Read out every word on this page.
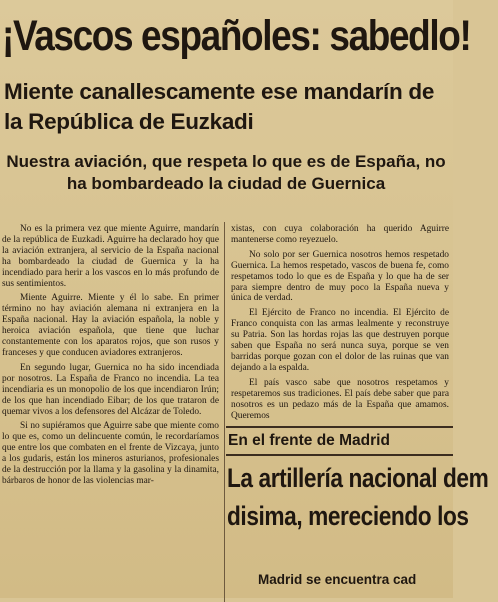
¡Vascos españoles: sabedlo!
Miente canallescamente ese mandarín de la República de Euzkadi
Nuestra aviación, que respeta lo que es de España, no ha bombardeado la ciudad de Guernica

No es la primera vez que miente Aguirre, mandarín de la república de Euzkadi. Aguirre ha declarado hoy que la aviación extranjera, al servicio de la España nacional ha bombardeado la ciudad de Guernica y la ha incendiado para herir a los vascos en lo más profundo de sus sentimientos.

Miente Aguirre. Miente y él lo sabe. En primer término no hay aviación alemana ni extranjera en la España nacional. Hay la aviación española, la noble y heroica aviación española, que tiene que luchar constantemente con los aparatos rojos, que son rusos y franceses y que conducen aviadores extranjeros.

En segundo lugar, Guernica no ha sido incendiada por nosotros. La España de Franco no incendia. La tea incendiaria es un monopolio de los que incendiaron Irún; de los que han incendiado Eibar; de los que trataron de quemar vivos a los defensores del Alcázar de Toledo.

Si no supiéramos que Aguirre sabe que miente como lo que es, como un delincuente común, le recordaríamos que entre los que combaten en el frente de Vizcaya, junto a los gudaris, están los mineros asturianos, profesionales de la destrucción por la llama y la gasolina y la dinamita, bárbaros de honor de las violencias mar-

xistas, con cuya colaboración ha querido Aguirre mantenerse como reyezuelo.

No solo por ser Guernica nosotros hemos respetado Guernica. La hemos respetado, vascos de buena fe, como respetamos todo lo que es de España y lo que ha de ser para siempre dentro de muy poco la España nueva y única de verdad.

El Ejército de Franco no incendia. El Ejército de Franco conquista con las armas lealmente y reconstruye su Patria. Son las hordas rojas las que destruyen porque saben que España no será nunca suya, porque se ven barridas porque gozan con el dolor de las ruinas que van dejando a la espalda.

El país vasco sabe que nosotros respetamos y respetaremos sus tradiciones. El país debe saber que para nosotros es un pedazo más de la España que amamos. Queremos

En el frente de Madrid
La artillería nacional dem
disima, mereciendo los
Madrid se encuentra cad
